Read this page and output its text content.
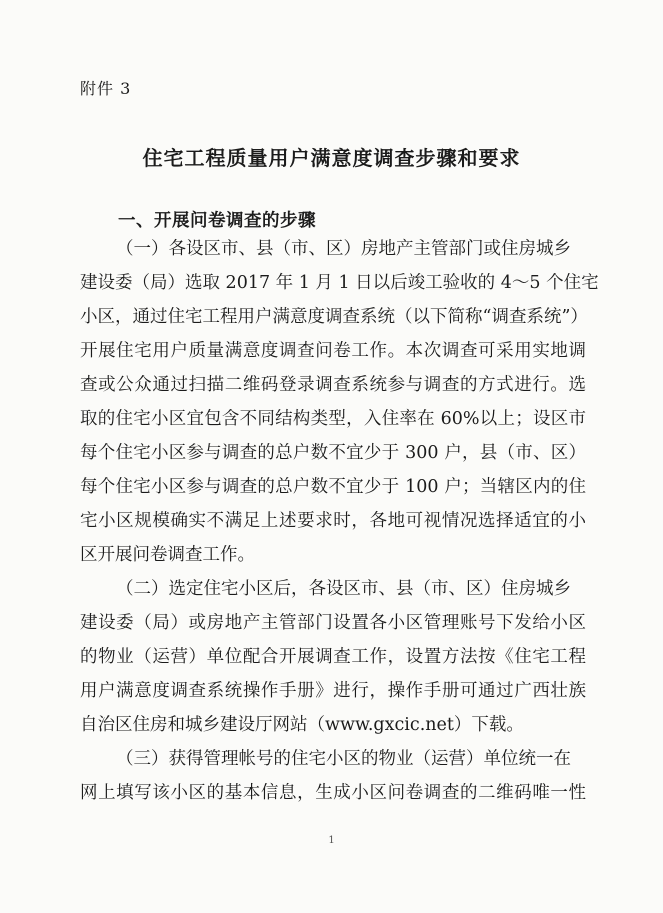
附件 3
住宅工程质量用户满意度调查步骤和要求
一、开展问卷调查的步骤
（一）各设区市、县（市、区）房地产主管部门或住房城乡
建设委（局）选取 2017 年 1 月 1 日以后竣工验收的 4～5 个住宅
小区，通过住宅工程用户满意度调查系统（以下简称“调查系统”）
开展住宅用户质量满意度调查问卷工作。本次调查可采用实地调
查或公众通过扫描二维码登录调查系统参与调查的方式进行。选
取的住宅小区宜包含不同结构类型，入住率在 60%以上；设区市
每个住宅小区参与调查的总户数不宜少于 300 户，县（市、区）
每个住宅小区参与调查的总户数不宜少于 100 户；当辖区内的住
宅小区规模确实不满足上述要求时，各地可视情况选择适宜的小
区开展问卷调查工作。
（二）选定住宅小区后，各设区市、县（市、区）住房城乡
建设委（局）或房地产主管部门设置各小区管理账号下发给小区
的物业（运营）单位配合开展调查工作，设置方法按《住宅工程
用户满意度调查系统操作手册》进行，操作手册可通过广西壮族
自治区住房和城乡建设厅网站（www.gxcic.net）下载。
（三）获得管理帐号的住宅小区的物业（运营）单位统一在
网上填写该小区的基本信息，生成小区问卷调查的二维码唯一性
1
